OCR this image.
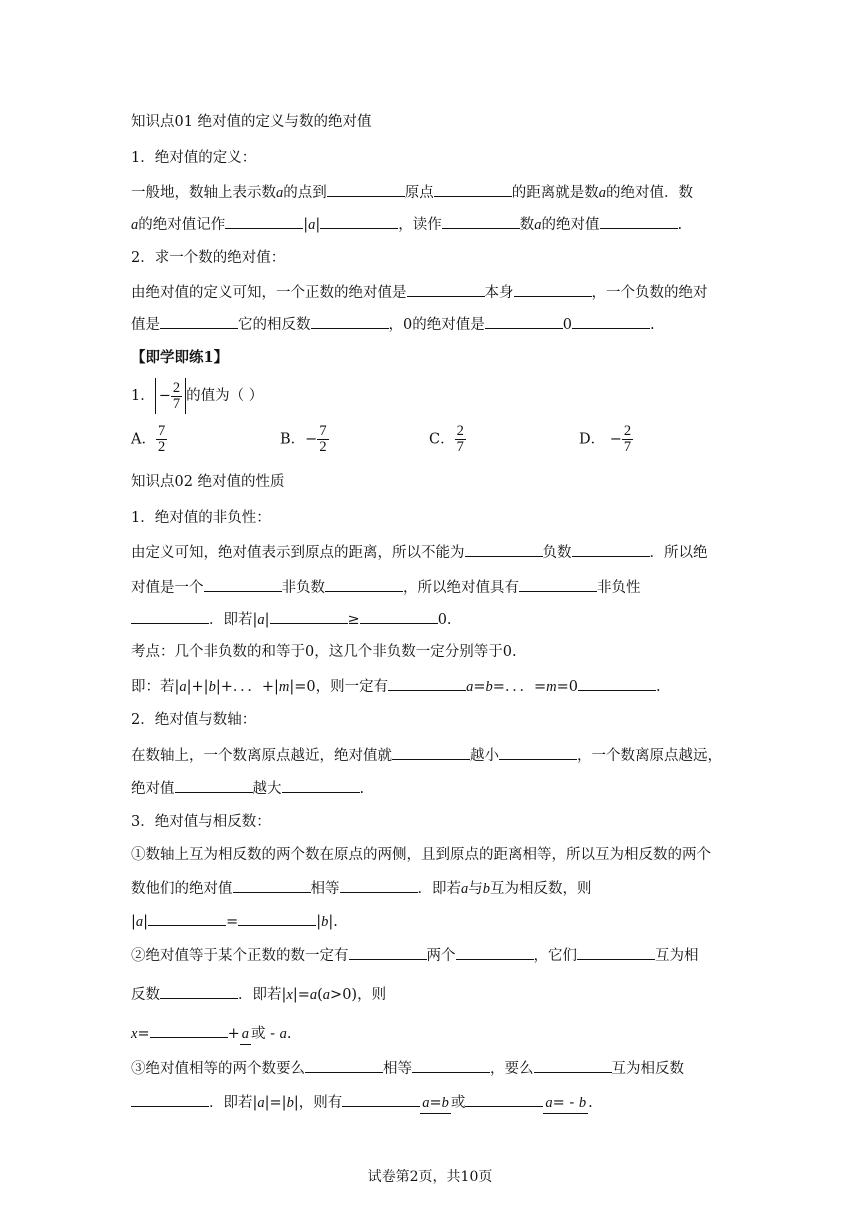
知识点01 绝对值的定义与数的绝对值
1．绝对值的定义：
一般地，数轴上表示数a的点到	原点	的距离就是数a的绝对值．数
a的绝对值记作	|a|	，读作	数a的绝对值	.
2．求一个数的绝对值：
由绝对值的定义可知，一个正数的绝对值是	本身	，一个负数的绝对
值是	它的相反数	，0的绝对值是	0	.
【即学即练1】
1． − $\frac{2}{7}$ 的值为（ ）
A． $\frac{7}{2}$	B．− $\frac{7}{2}$	C． $\frac{2}{7}$	D． − $\frac{2}{7}$
知识点02 绝对值的性质
1．绝对值的非负性：
由定义可知，绝对值表示到原点的距离，所以不能为	负数	．所以绝
对值是一个	非负数	，所以绝对值具有	非负性
．即若|a|	≥	0.
考点：几个非负数的和等于0，这几个非负数一定分别等于0.
即：若|a|+|b|+．．．+|m|=0，则一定有	a=b=．．．=m=0	.
2．绝对值与数轴：
在数轴上，一个数离原点越近，绝对值就	越小	，一个数离原点越远，
绝对值	越大	.
3．绝对值与相反数：
①数轴上互为相反数的两个数在原点的两侧，且到原点的距离相等，所以互为相反数的两个
数他们的绝对值	相等	．即若a与b互为相反数，则
|a|	=	|b|.
②绝对值等于某个正数的数一定有	两个	，它们	互为相
反数	．即若|x|=a(a>0)，则
x=	+ a 或 - a.
③绝对值相等的两个数要么	相等	，要么	互为相反数
．即若|a|=|b|，则有	a=b 或	a= - b .
试卷第2页，共10页
